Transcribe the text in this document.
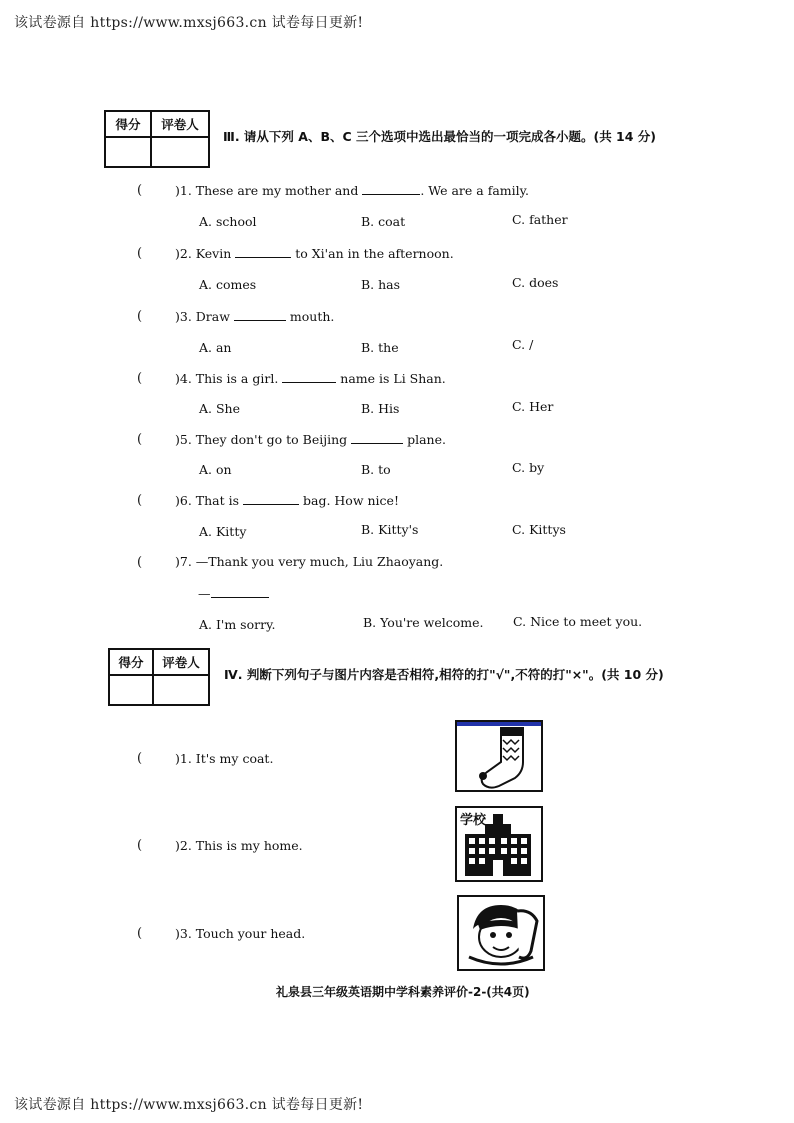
该试卷源自 https://www.mxsj663.cn 试卷每日更新!
得分	评卷人

Ⅲ. 请从下列 A、B、C 三个选项中选出最恰当的一项完成各小题。(共 14 分)
(	)1. These are my mother and	. We are a family.
A. school	B. coat	C. father
(	)2. Kevin	to Xi'an in the afternoon.
A. comes	B. has	C. does
(	)3. Draw	mouth.
A. an	B. the	C. /
(	)4. This is a girl.	name is Li Shan.
A. She	B. His	C. Her
(	)5. They don't go to Beijing	plane.
A. on	B. to	C. by
(	)6. That is	bag. How nice!
A. Kitty	B. Kitty's	C. Kittys
(	)7. —Thank you very much, Liu Zhaoyang.
—
A. I'm sorry.	B. You're welcome. C. Nice to meet you.
得分	评卷人

Ⅳ. 判断下列句子与图片内容是否相符,相符的打"√",不符的打"×"。(共 10 分)
(	)1. It's my coat.
(	)2. This is my home.
学校
(	)3. Touch your head.
礼泉县三年级英语期中学科素养评价-2-(共4页)
该试卷源自 https://www.mxsj663.cn 试卷每日更新!
